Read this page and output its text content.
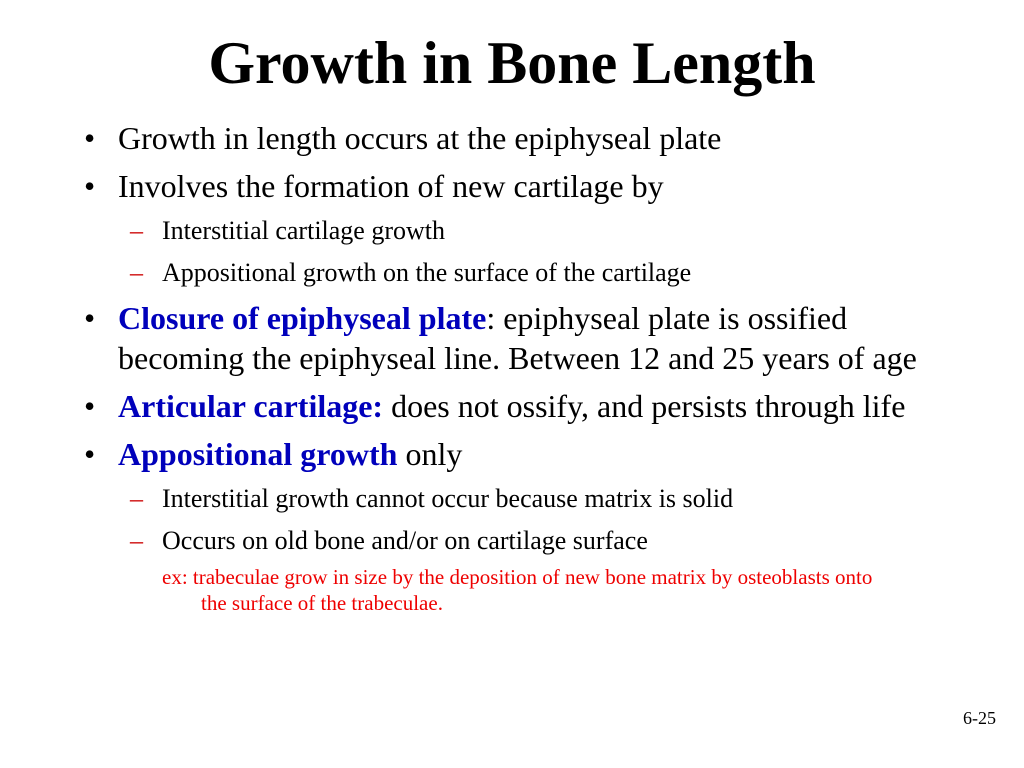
Growth in Bone Length
• Growth in length occurs at the epiphyseal plate
• Involves the formation of new cartilage by
– Interstitial cartilage growth
– Appositional growth on the surface of the cartilage
• Closure of epiphyseal plate: epiphyseal plate is ossified becoming the epiphyseal line. Between 12 and 25 years of age
• Articular cartilage: does not ossify, and persists through life
• Appositional growth only
– Interstitial growth cannot occur because matrix is solid
– Occurs on old bone and/or on cartilage surface
ex: trabeculae grow in size by the deposition of new bone matrix by osteoblasts onto the surface of the trabeculae.
6-25
